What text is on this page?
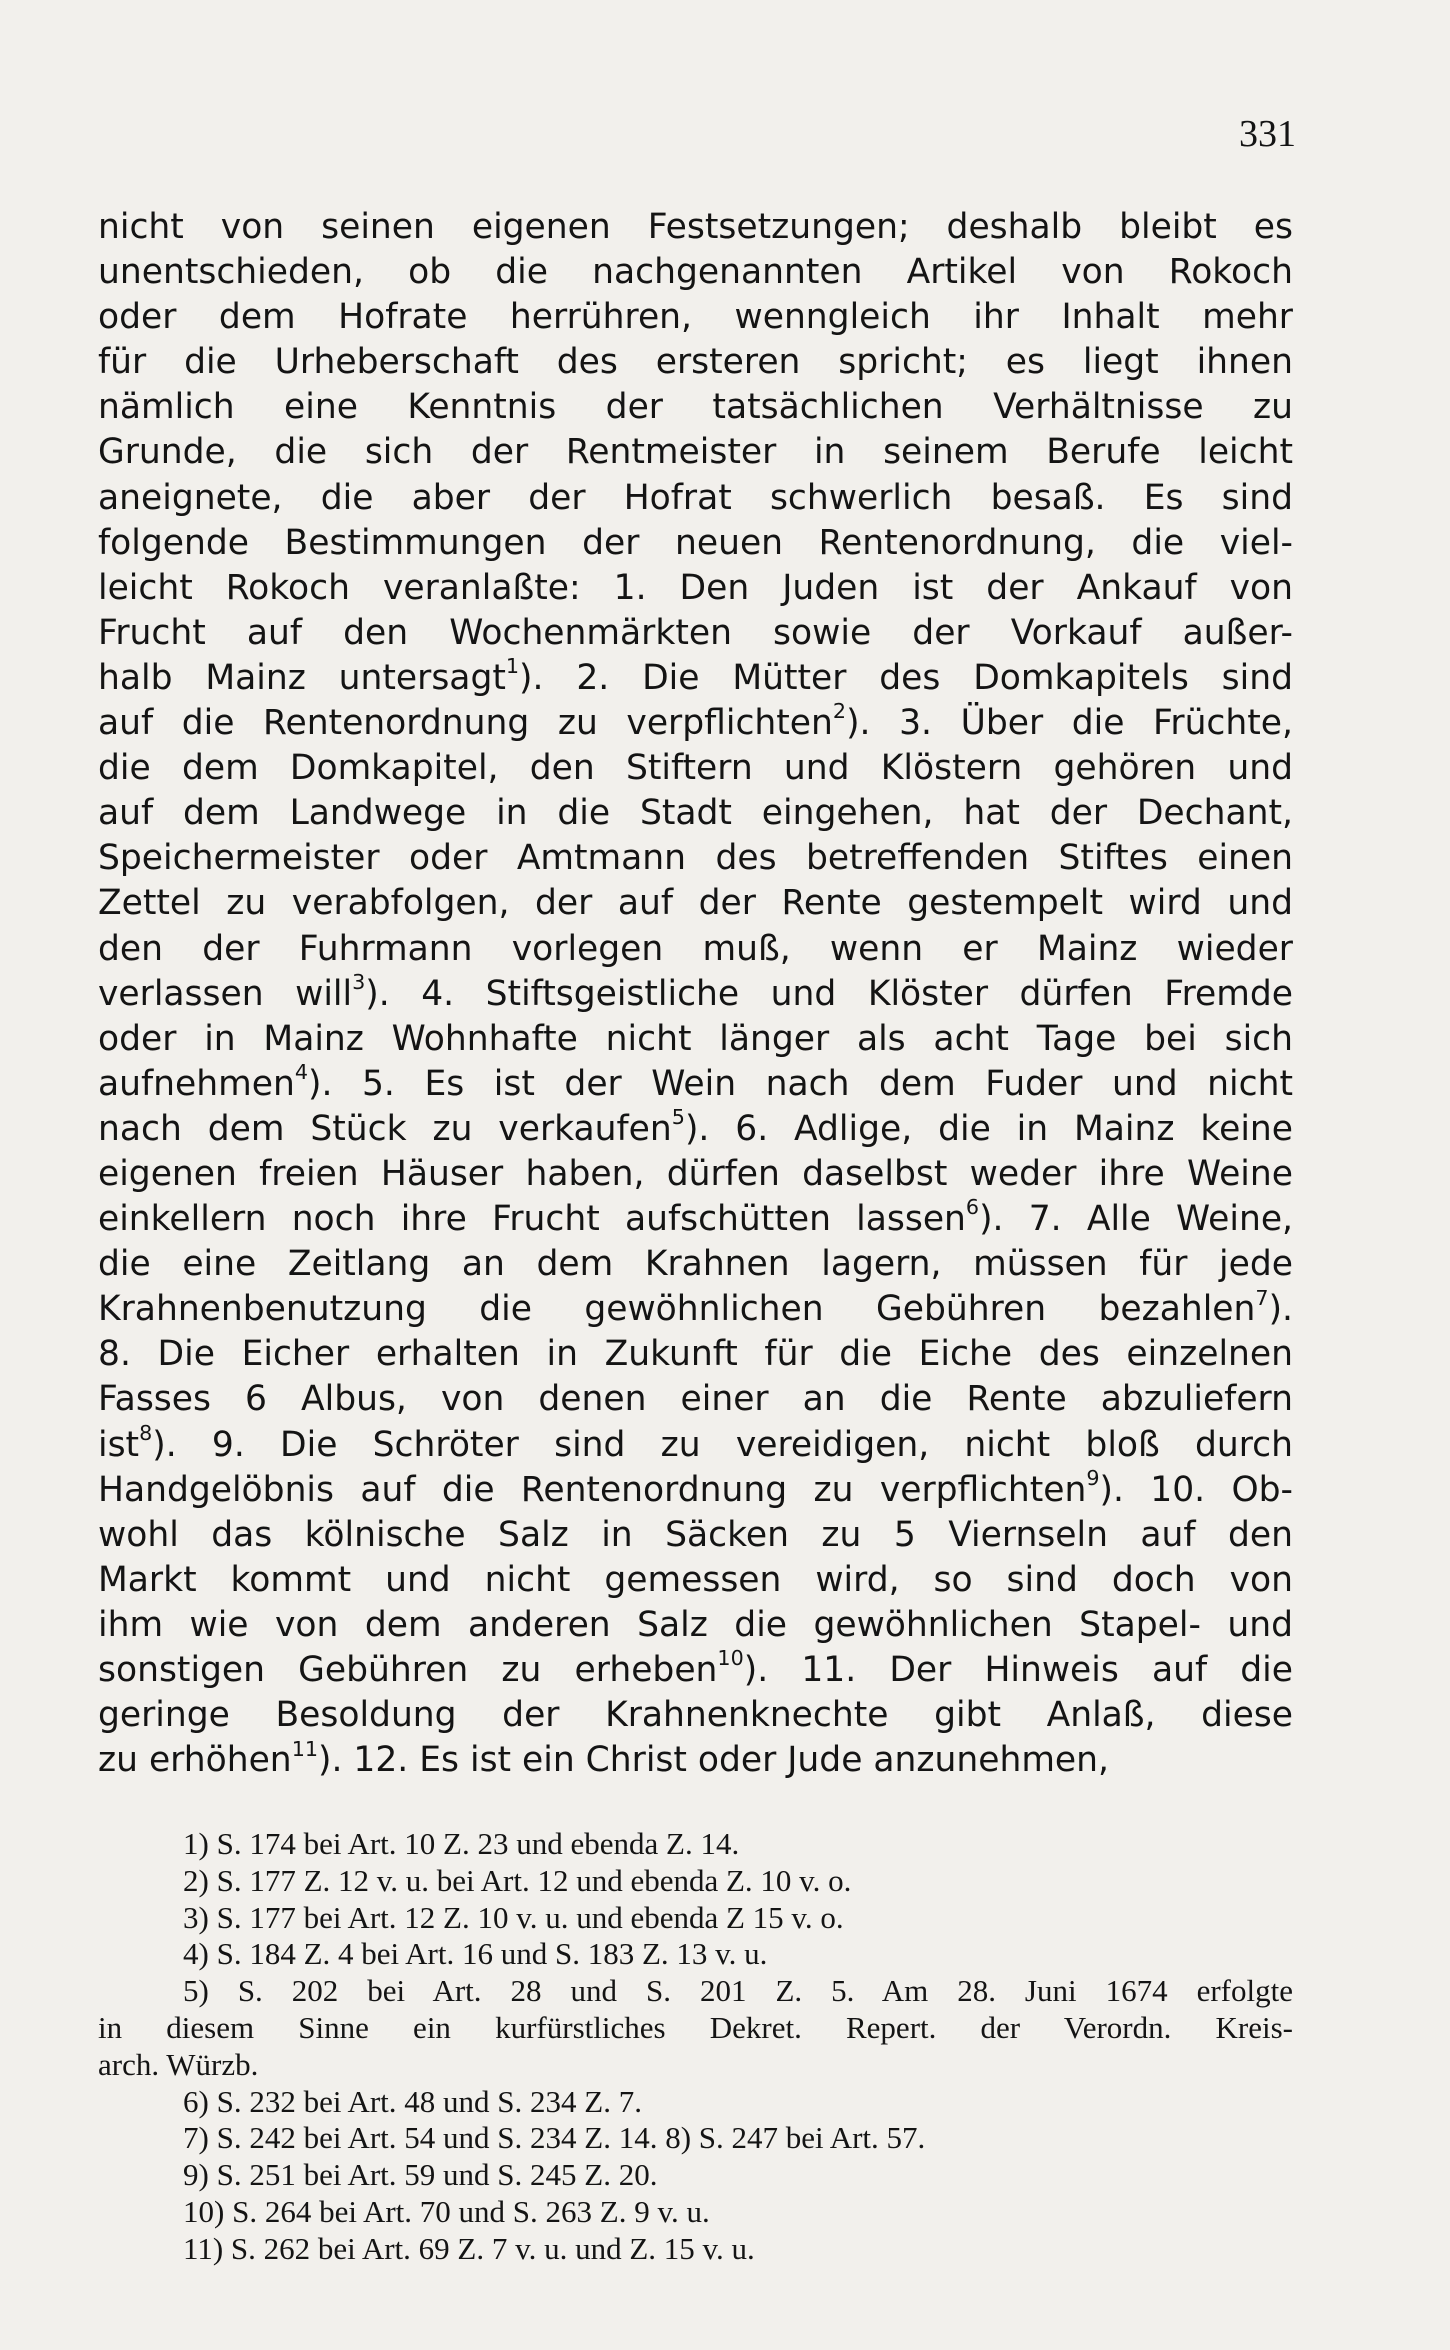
331
nicht von seinen eigenen Festsetzungen; deshalb bleibt es
unentschieden, ob die nachgenannten Artikel von Rokoch
oder dem Hofrate herrühren, wenngleich ihr Inhalt mehr
für die Urheberschaft des ersteren spricht; es liegt ihnen
nämlich eine Kenntnis der tatsächlichen Verhältnisse zu
Grunde, die sich der Rentmeister in seinem Berufe leicht
aneignete, die aber der Hofrat schwerlich besaß. Es sind
folgende Bestimmungen der neuen Rentenordnung, die viel-
leicht Rokoch veranlaßte: 1. Den Juden ist der Ankauf von
Frucht auf den Wochenmärkten sowie der Vorkauf außer-
halb Mainz untersagt$^1$). 2. Die Mütter des Domkapitels sind
auf die Rentenordnung zu verpflichten$^2$). 3. Über die Früchte,
die dem Domkapitel, den Stiftern und Klöstern gehören und
auf dem Landwege in die Stadt eingehen, hat der Dechant,
Speichermeister oder Amtmann des betreffenden Stiftes einen
Zettel zu verabfolgen, der auf der Rente gestempelt wird und
den der Fuhrmann vorlegen muß, wenn er Mainz wieder
verlassen will$^3$). 4. Stiftsgeistliche und Klöster dürfen Fremde
oder in Mainz Wohnhafte nicht länger als acht Tage bei sich
aufnehmen$^4$). 5. Es ist der Wein nach dem Fuder und nicht
nach dem Stück zu verkaufen$^5$). 6. Adlige, die in Mainz keine
eigenen freien Häuser haben, dürfen daselbst weder ihre Weine
einkellern noch ihre Frucht aufschütten lassen$^6$). 7. Alle Weine,
die eine Zeitlang an dem Krahnen lagern, müssen für jede
Krahnenbenutzung die gewöhnlichen Gebühren bezahlen$^7$).
8. Die Eicher erhalten in Zukunft für die Eiche des einzelnen
Fasses 6 Albus, von denen einer an die Rente abzuliefern
ist$^8$). 9. Die Schröter sind zu vereidigen, nicht bloß durch
Handgelöbnis auf die Rentenordnung zu verpflichten$^9$). 10. Ob-
wohl das kölnische Salz in Säcken zu 5 Viernseln auf den
Markt kommt und nicht gemessen wird, so sind doch von
ihm wie von dem anderen Salz die gewöhnlichen Stapel- und
sonstigen Gebühren zu erheben$^{10}$). 11. Der Hinweis auf die
geringe Besoldung der Krahnenknechte gibt Anlaß, diese
zu erhöhen$^{11}$). 12. Es ist ein Christ oder Jude anzunehmen,
1) S. 174 bei Art. 10 Z. 23 und ebenda Z. 14.
2) S. 177 Z. 12 v. u. bei Art. 12 und ebenda Z. 10 v. o.
3) S. 177 bei Art. 12 Z. 10 v. u. und ebenda Z 15 v. o.
4) S. 184 Z. 4 bei Art. 16 und S. 183 Z. 13 v. u.
5) S. 202 bei Art. 28 und S. 201 Z. 5. Am 28. Juni 1674 erfolgte
in diesem Sinne ein kurfürstliches Dekret. Repert. der Verordn. Kreis-
arch. Würzb.
6) S. 232 bei Art. 48 und S. 234 Z. 7.
7) S. 242 bei Art. 54 und S. 234 Z. 14. 8) S. 247 bei Art. 57.
9) S. 251 bei Art. 59 und S. 245 Z. 20.
10) S. 264 bei Art. 70 und S. 263 Z. 9 v. u.
11) S. 262 bei Art. 69 Z. 7 v. u. und Z. 15 v. u.
